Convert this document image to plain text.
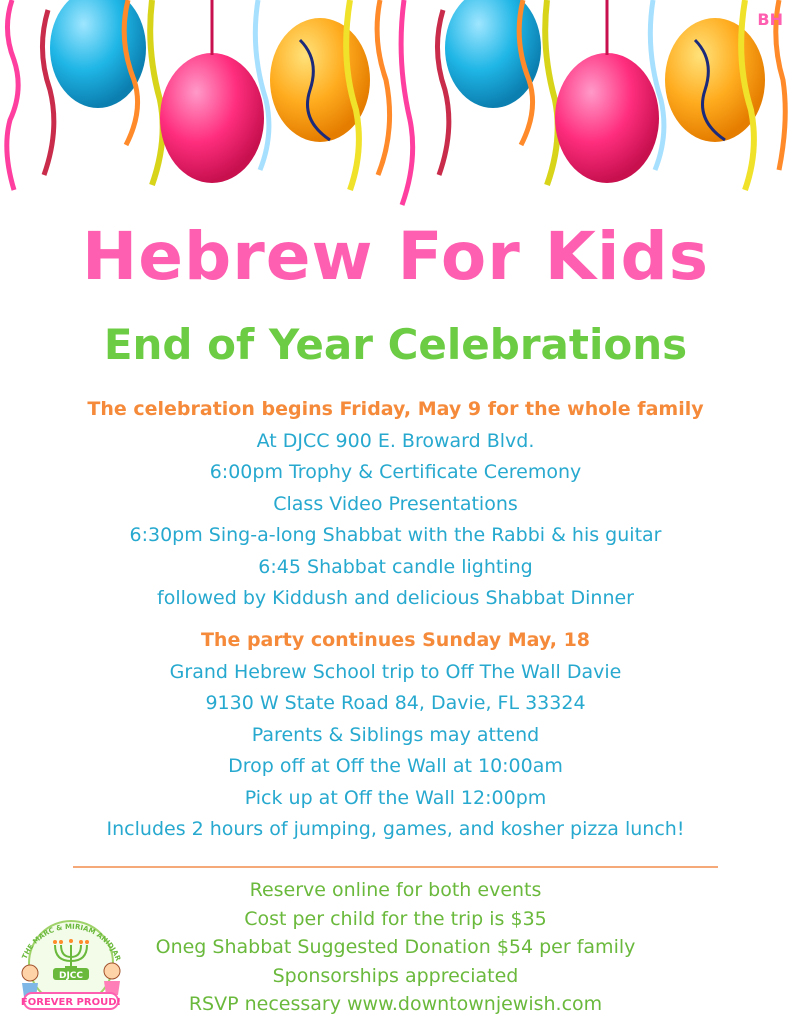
BH
Hebrew For Kids
End of Year Celebrations
The celebration begins Friday, May 9 for the whole family
At DJCC 900 E. Broward Blvd.
6:00pm Trophy & Certificate Ceremony
Class Video Presentations
6:30pm Sing-a-long Shabbat with the Rabbi & his guitar
6:45 Shabbat candle lighting
followed by Kiddush and delicious Shabbat Dinner
The party continues Sunday May, 18
Grand Hebrew School trip to Off The Wall Davie
9130 W State Road 84, Davie, FL 33324
Parents & Siblings may attend
Drop off at Off the Wall at 10:00am
Pick up at Off the Wall 12:00pm
Includes 2 hours of jumping, games, and kosher pizza lunch!
Reserve online for both events
Cost per child for the trip is $35
Oneg Shabbat Suggested Donation $54 per family
Sponsorships appreciated
RSVP necessary www.downtownjewish.com
THE MARC & MIRIAM ANIDJAR
DJCC
FOREVER PROUD!
